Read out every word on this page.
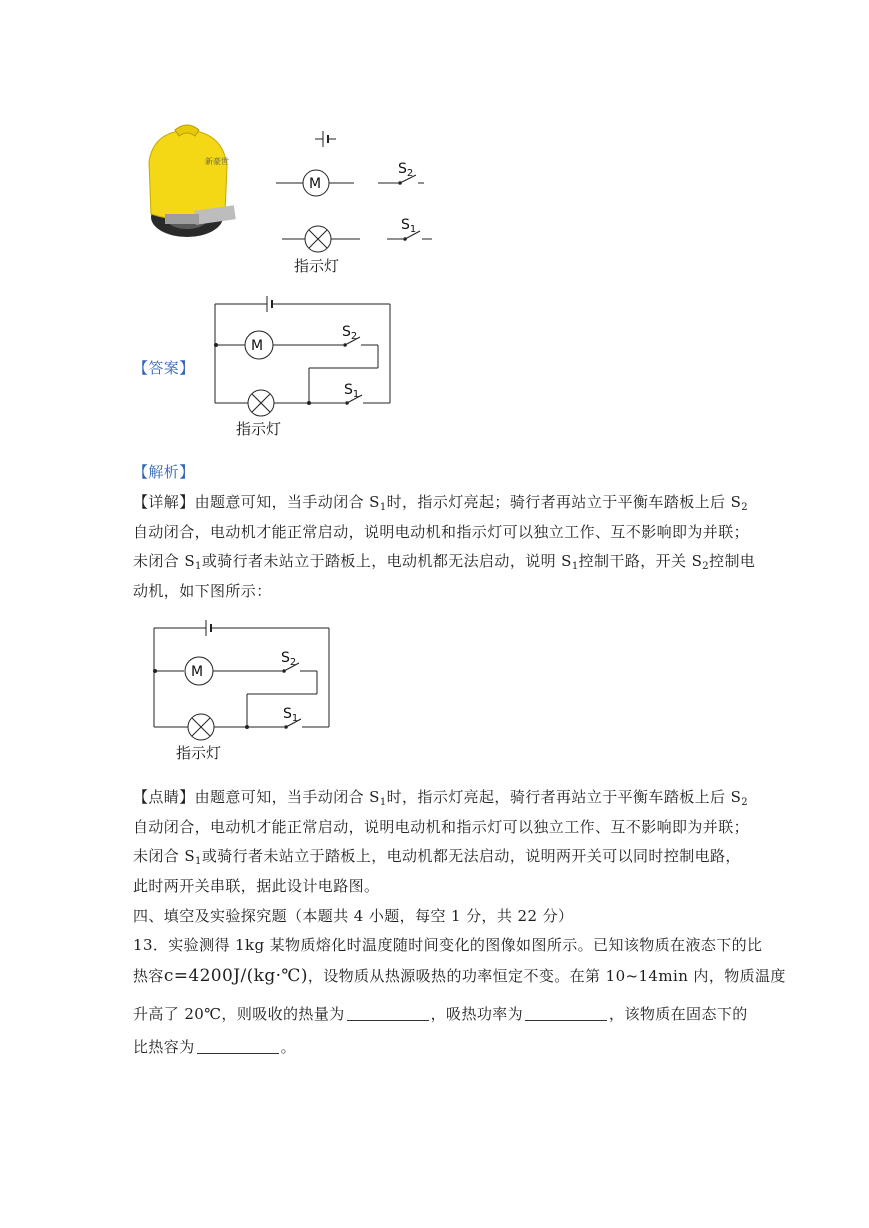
新豪世
M
$S_2$
$S_1$
指示灯
【答案】
M
$S_2$
$S_1$
指示灯
【解析】
【详解】由题意可知，当手动闭合 $S_1$时，指示灯亮起；骑行者再站立于平衡车踏板上后 $S_2$
自动闭合，电动机才能正常启动，说明电动机和指示灯可以独立工作、互不影响即为并联；
未闭合 $S_1$或骑行者未站立于踏板上，电动机都无法启动，说明 $S_1$控制干路，开关 $S_2$控制电
动机，如下图所示：
M
$S_2$
$S_1$
指示灯
【点睛】由题意可知，当手动闭合 $S_1$时，指示灯亮起，骑行者再站立于平衡车踏板上后 $S_2$
自动闭合，电动机才能正常启动，说明电动机和指示灯可以独立工作、互不影响即为并联；
未闭合 $S_1$或骑行者未站立于踏板上，电动机都无法启动，说明两开关可以同时控制电路，
此时两开关串联，据此设计电路图。
四、填空及实验探究题（本题共 4 小题，每空 1 分，共 22 分）
13．实验测得 1kg 某物质熔化时温度随时间变化的图像如图所示。已知该物质在液态下的比
热容c=4200J/(kg·℃)，设物质从热源吸热的功率恒定不变。在第 10~14min 内，物质温度
升高了 20℃，则吸收的热量为	，吸热功率为	，该物质在固态下的
比热容为	。
